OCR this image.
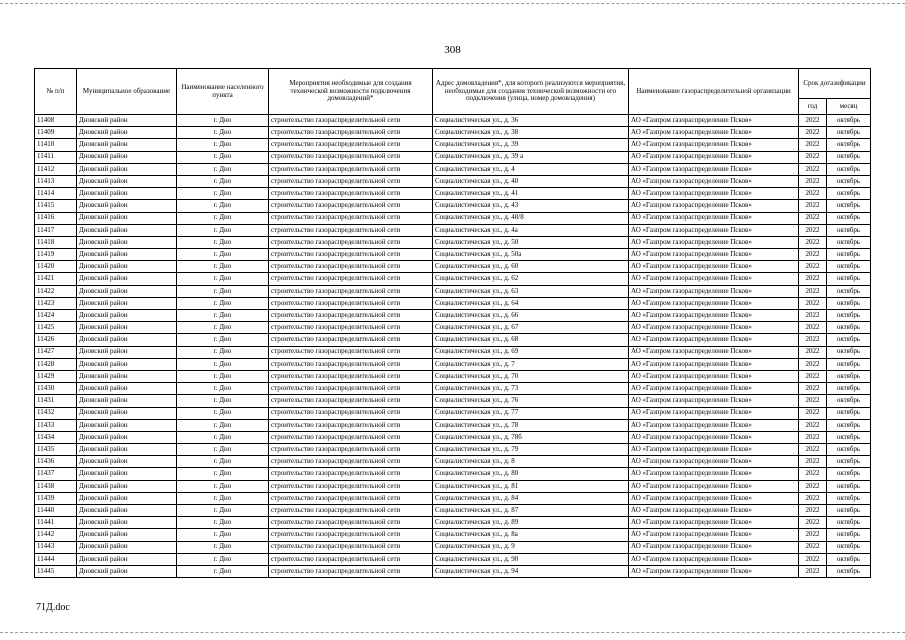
308
№ п/п	Муниципальное образование	Наименование населенного пункта	Мероприятия необходимые для создания технической возможности подключения домовладений*	Адрес домовладения*, для которого реализуются мероприятия, необходимые для создания технической возможности его подключения (улица, номер домовладения)	Наименование газораспределительной организации	Срок догазификации	
						год	месяц
11408	Дновский район	г. Дно	строительство газораспределительной сети	Социалистическая ул., д. 36	АО «Газпром газораспределение Псков»	2022	октябрь
11409	Дновский район	г. Дно	строительство газораспределительной сети	Социалистическая ул., д. 38	АО «Газпром газораспределение Псков»	2022	октябрь
11410	Дновский район	г. Дно	строительство газораспределительной сети	Социалистическая ул., д. 39	АО «Газпром газораспределение Псков»	2022	октябрь
11411	Дновский район	г. Дно	строительство газораспределительной сети	Социалистическая ул., д. 39 а	АО «Газпром газораспределение Псков»	2022	октябрь
11412	Дновский район	г. Дно	строительство газораспределительной сети	Социалистическая ул., д. 4	АО «Газпром газораспределение Псков»	2022	октябрь
11413	Дновский район	г. Дно	строительство газораспределительной сети	Социалистическая ул., д. 40	АО «Газпром газораспределение Псков»	2022	октябрь
11414	Дновский район	г. Дно	строительство газораспределительной сети	Социалистическая ул., д. 41	АО «Газпром газораспределение Псков»	2022	октябрь
11415	Дновский район	г. Дно	строительство газораспределительной сети	Социалистическая ул., д. 43	АО «Газпром газораспределение Псков»	2022	октябрь
11416	Дновский район	г. Дно	строительство газораспределительной сети	Социалистическая ул., д. 48/8	АО «Газпром газораспределение Псков»	2022	октябрь
11417	Дновский район	г. Дно	строительство газораспределительной сети	Социалистическая ул., д. 4а	АО «Газпром газораспределение Псков»	2022	октябрь
11418	Дновский район	г. Дно	строительство газораспределительной сети	Социалистическая ул., д. 50	АО «Газпром газораспределение Псков»	2022	октябрь
11419	Дновский район	г. Дно	строительство газораспределительной сети	Социалистическая ул., д. 50а	АО «Газпром газораспределение Псков»	2022	октябрь
11420	Дновский район	г. Дно	строительство газораспределительной сети	Социалистическая ул., д. 60	АО «Газпром газораспределение Псков»	2022	октябрь
11421	Дновский район	г. Дно	строительство газораспределительной сети	Социалистическая ул., д. 62	АО «Газпром газораспределение Псков»	2022	октябрь
11422	Дновский район	г. Дно	строительство газораспределительной сети	Социалистическая ул., д. 63	АО «Газпром газораспределение Псков»	2022	октябрь
11423	Дновский район	г. Дно	строительство газораспределительной сети	Социалистическая ул., д. 64	АО «Газпром газораспределение Псков»	2022	октябрь
11424	Дновский район	г. Дно	строительство газораспределительной сети	Социалистическая ул., д. 66	АО «Газпром газораспределение Псков»	2022	октябрь
11425	Дновский район	г. Дно	строительство газораспределительной сети	Социалистическая ул., д. 67	АО «Газпром газораспределение Псков»	2022	октябрь
11426	Дновский район	г. Дно	строительство газораспределительной сети	Социалистическая ул., д. 68	АО «Газпром газораспределение Псков»	2022	октябрь
11427	Дновский район	г. Дно	строительство газораспределительной сети	Социалистическая ул., д. 69	АО «Газпром газораспределение Псков»	2022	октябрь
11428	Дновский район	г. Дно	строительство газораспределительной сети	Социалистическая ул., д. 7	АО «Газпром газораспределение Псков»	2022	октябрь
11429	Дновский район	г. Дно	строительство газораспределительной сети	Социалистическая ул., д. 70	АО «Газпром газораспределение Псков»	2022	октябрь
11430	Дновский район	г. Дно	строительство газораспределительной сети	Социалистическая ул., д. 73	АО «Газпром газораспределение Псков»	2022	октябрь
11431	Дновский район	г. Дно	строительство газораспределительной сети	Социалистическая ул., д. 76	АО «Газпром газораспределение Псков»	2022	октябрь
11432	Дновский район	г. Дно	строительство газораспределительной сети	Социалистическая ул., д. 77	АО «Газпром газораспределение Псков»	2022	октябрь
11433	Дновский район	г. Дно	строительство газораспределительной сети	Социалистическая ул., д. 78	АО «Газпром газораспределение Псков»	2022	октябрь
11434	Дновский район	г. Дно	строительство газораспределительной сети	Социалистическая ул., д. 78б	АО «Газпром газораспределение Псков»	2022	октябрь
11435	Дновский район	г. Дно	строительство газораспределительной сети	Социалистическая ул., д. 79	АО «Газпром газораспределение Псков»	2022	октябрь
11436	Дновский район	г. Дно	строительство газораспределительной сети	Социалистическая ул., д. 8	АО «Газпром газораспределение Псков»	2022	октябрь
11437	Дновский район	г. Дно	строительство газораспределительной сети	Социалистическая ул., д. 80	АО «Газпром газораспределение Псков»	2022	октябрь
11438	Дновский район	г. Дно	строительство газораспределительной сети	Социалистическая ул., д. 81	АО «Газпром газораспределение Псков»	2022	октябрь
11439	Дновский район	г. Дно	строительство газораспределительной сети	Социалистическая ул., д. 84	АО «Газпром газораспределение Псков»	2022	октябрь
11440	Дновский район	г. Дно	строительство газораспределительной сети	Социалистическая ул., д. 87	АО «Газпром газораспределение Псков»	2022	октябрь
11441	Дновский район	г. Дно	строительство газораспределительной сети	Социалистическая ул., д. 89	АО «Газпром газораспределение Псков»	2022	октябрь
11442	Дновский район	г. Дно	строительство газораспределительной сети	Социалистическая ул., д. 8а	АО «Газпром газораспределение Псков»	2022	октябрь
11443	Дновский район	г. Дно	строительство газораспределительной сети	Социалистическая ул., д. 9	АО «Газпром газораспределение Псков»	2022	октябрь
11444	Дновский район	г. Дно	строительство газораспределительной сети	Социалистическая ул., д. 90	АО «Газпром газораспределение Псков»	2022	октябрь
11445	Дновский район	г. Дно	строительство газораспределительной сети	Социалистическая ул., д. 94	АО «Газпром газораспределение Псков»	2022	октябрь
71Д.doc
